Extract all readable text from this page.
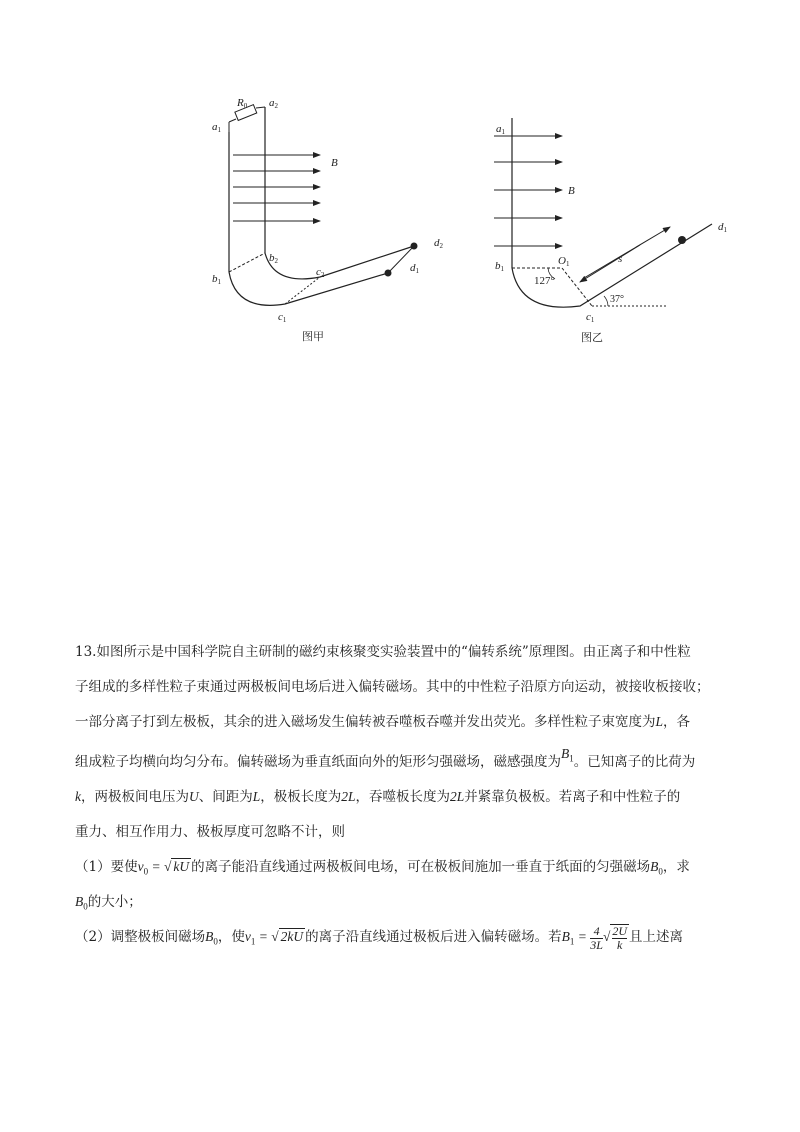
R0
a1
a2
B
b1
b2
c1
c2
d1
d2
图甲
a1
B
b1
O1
127°
s
37°
c1
d1
图乙
13.如图所示是中国科学院自主研制的磁约束核聚变实验装置中的“偏转系统”原理图。由正离子和中性粒
子组成的多样性粒子束通过两极板间电场后进入偏转磁场。其中的中性粒子沿原方向运动，被接收板接收；
一部分离子打到左极板，其余的进入磁场发生偏转被吞噬板吞噬并发出荧光。多样性粒子束宽度为L，各
组成粒子均横向均匀分布。偏转磁场为垂直纸面向外的矩形匀强磁场，磁感强度为$B_1$。已知离子的比荷为
k，两极板间电压为U、间距为L，极板长度为2L，吞噬板长度为2L并紧靠负极板。若离子和中性粒子的
重力、相互作用力、极板厚度可忽略不计，则
（1）要使$v_0$ = √ kU 的离子能沿直线通过两极板间电场，可在极板间施加一垂直于纸面的匀强磁场$B_0$，求
$B_0$的大小；
（2）调整极板间磁场$B_0$，使$v_1$ = √ 2kU 的离子沿直线通过极板后进入偏转磁场。若$B_1 = \frac{4}{3L}$ √ $\frac{2U}{k}$ 且上述离
